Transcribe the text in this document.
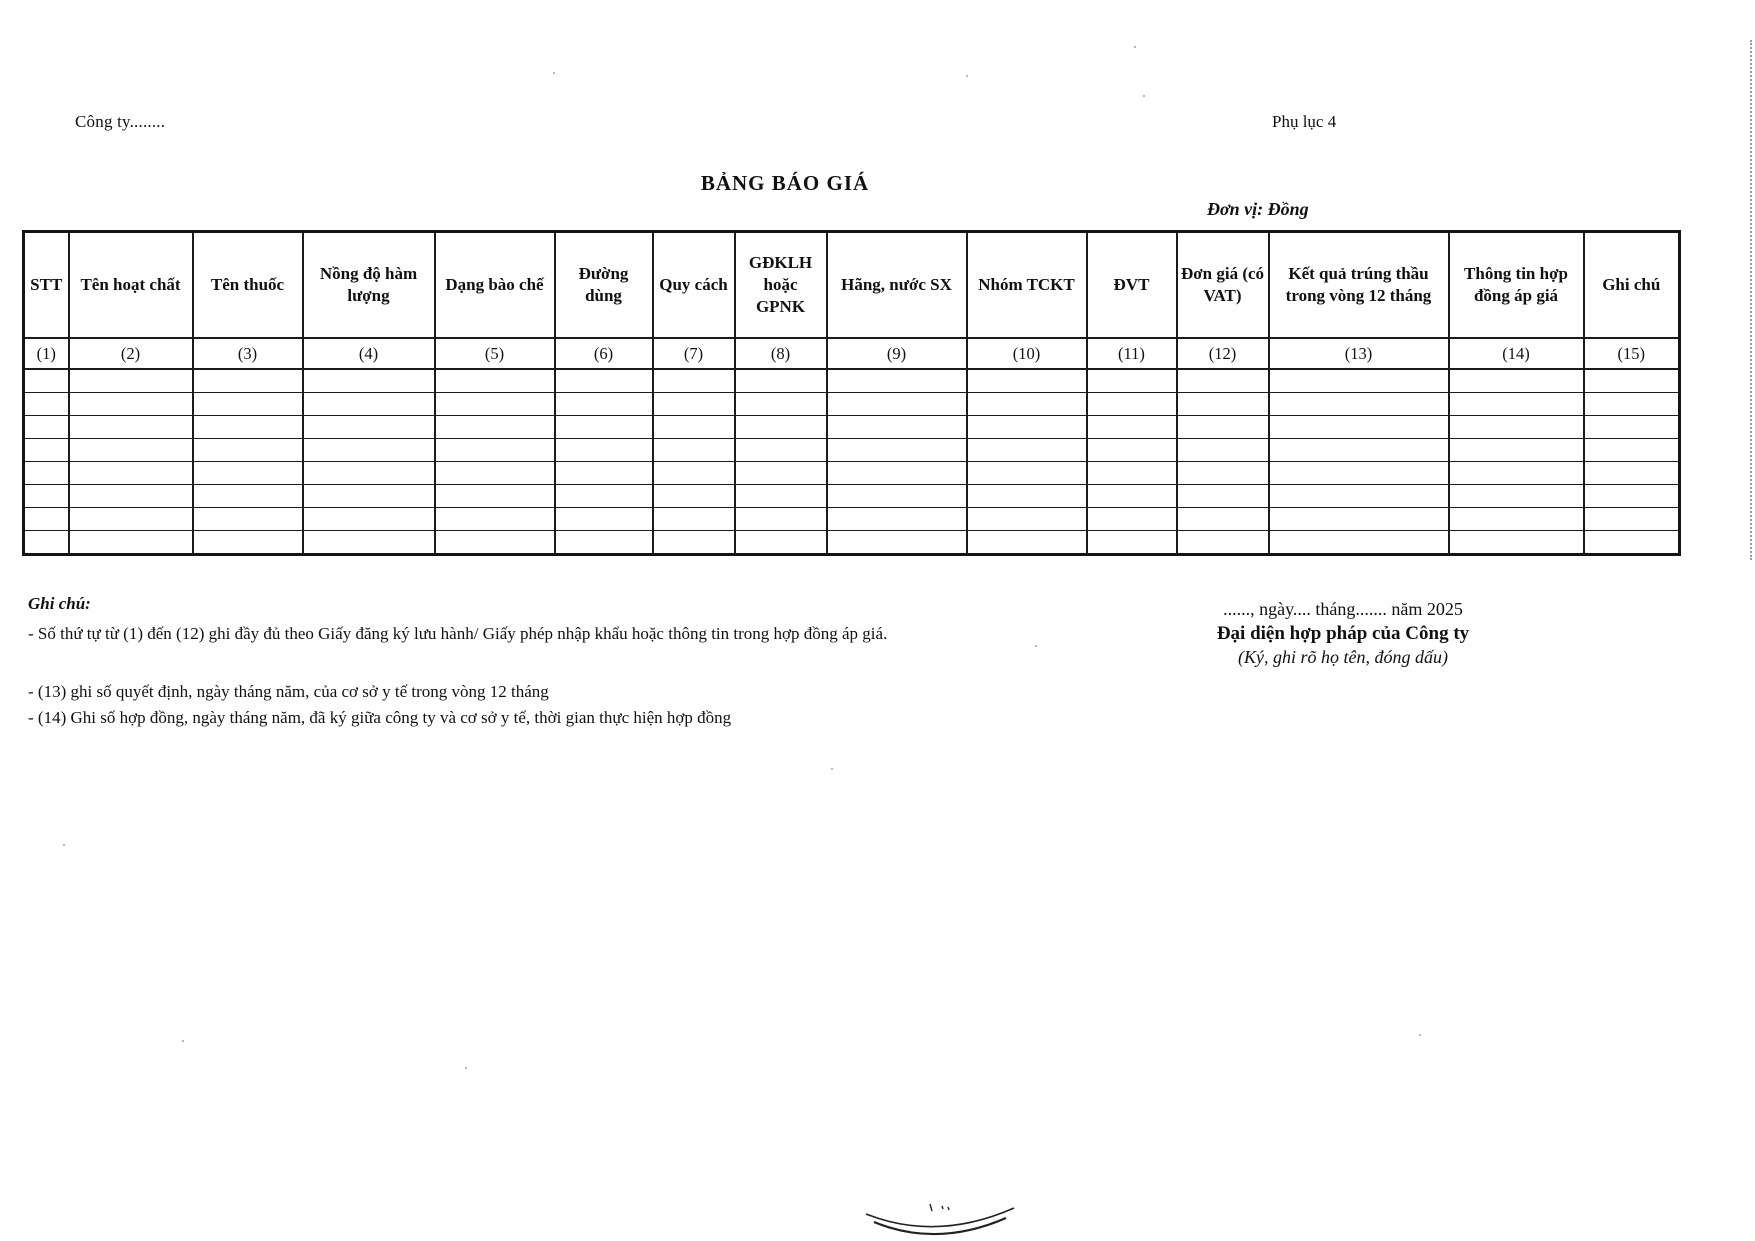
Công ty........	Phụ lục 4
BẢNG BÁO GIÁ
Đơn vị: Đồng
STT	Tên hoạt chất	Tên thuốc	Nồng độ hàm lượng	Dạng bào chế	Đường dùng	Quy cách	GĐKLH hoặc GPNK	Hãng, nước SX	Nhóm TCKT	ĐVT	Đơn giá (có VAT)	Kết quả trúng thầu trong vòng 12 tháng	Thông tin hợp đồng áp giá	Ghi chú
(1)	(2)	(3)	(4)	(5)	(6)	(7)	(8)	(9)	(10)	(11)	(12)	(13)	(14)	(15)

Ghi chú:
- Số thứ tự từ (1) đến (12) ghi đầy đủ theo Giấy đăng ký lưu hành/ Giấy phép nhập khẩu hoặc thông tin trong hợp đồng áp giá.
- (13) ghi số quyết định, ngày tháng năm, của cơ sở y tế trong vòng 12 tháng
- (14) Ghi số hợp đồng, ngày tháng năm, đã ký giữa công ty và cơ sở y tế, thời gian thực hiện hợp đồng
......, ngày.... tháng....... năm 2025
Đại diện hợp pháp của Công ty
(Ký, ghi rõ họ tên, đóng dấu)
